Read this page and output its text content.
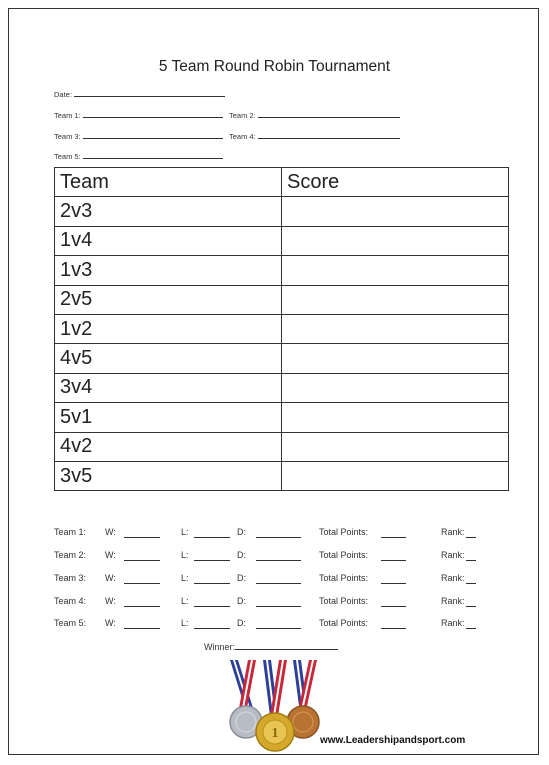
5 Team Round Robin Tournament
Date:
Team 1:	Team 2:
Team 3:	Team 4:
Team 5:
Team	Score
2v3	
1v4	
1v3	
2v5	
1v2	
4v5	
3v4	
5v1	
4v2	
3v5	
Team 1: W:	L:	D:	Total Points:	Rank:
Team 2: W:	L:	D:	Total Points:	Rank:
Team 3: W:	L:	D:	Total Points:	Rank:
Team 4: W:	L:	D:	Total Points:	Rank:
Team 5: W:	L:	D:	Total Points:	Rank:
Winner:
1	www.Leadershipandsport.com
